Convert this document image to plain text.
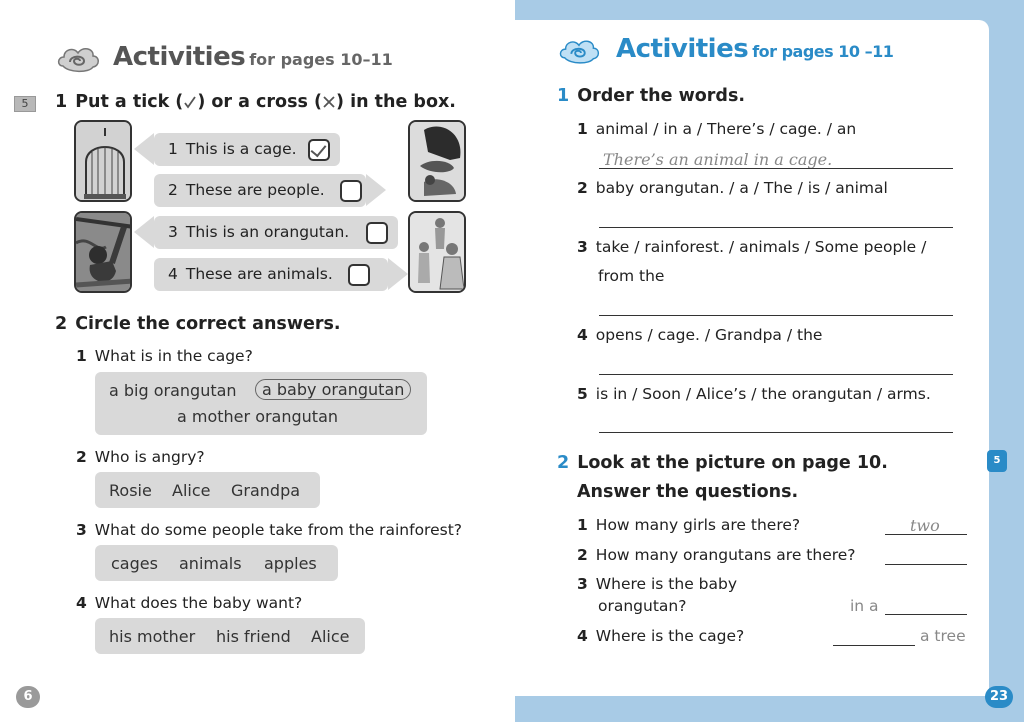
Activities for pages 10–11
5	1 Put a tick ( ) or a cross ( ) in the box.
1 This is a cage.
2 These are people.
3 This is an orangutan.
4 These are animals.
2 Circle the correct answers.
1 What is in the cage?
a big orangutan	a baby orangutan
a mother orangutan
2 Who is angry?
Rosie Alice Grandpa
3 What do some people take from the rainforest?
cages animals apples
4 What does the baby want?
his mother his friend Alice
6
Activities for pages 10 –11
1 Order the words.
1 animal / in a / There’s / cage. / an
There’s an animal in a cage.
2 baby orangutan. / a / The / is / animal
3 take / rainforest. / animals / Some people /
from the
4 opens / cage. / Grandpa / the
5 is in / Soon / Alice’s / the orangutan / arms.
2 Look at the picture on page 10.
Answer the questions.
1 How many girls are there?	two
2 How many orangutans are there?
3 Where is the baby
orangutan?	in a
4 Where is the cage?	a tree
5
23
